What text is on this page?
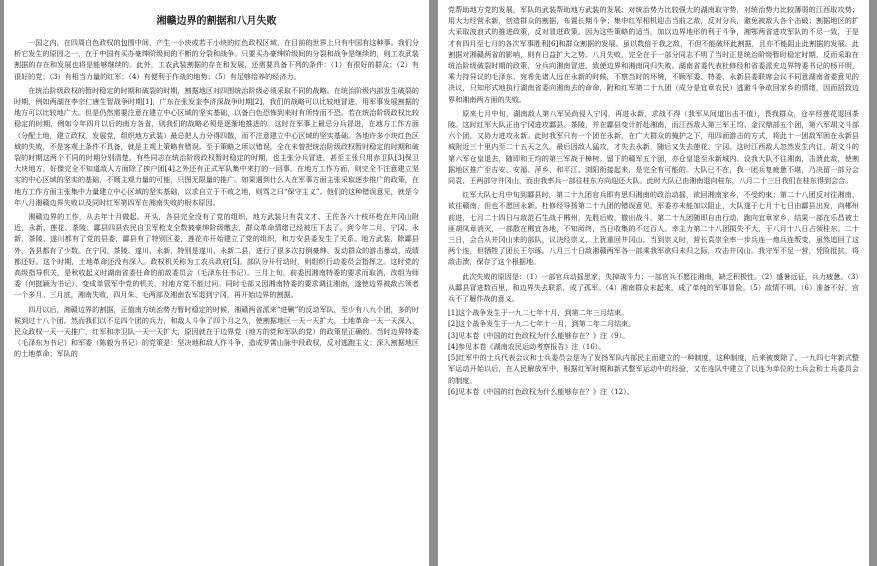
湘赣边界的割据和八月失败

一国之内，在四周白色政权的包围中间，产生一小块或若干小块的红色政权区域，在目前的世界上只有中国有这种事。我们分析它发生的原因之一，在于中国有买办豪绅阶级间的不断的分裂和战争。只要买办豪绅阶级间的分裂和战争是继续的，则工农武装割据的存在和发展也将是能够继续的。此外，工农武装割据的存在和发展，还需要具备下列的条件：（1）有很好的群众；（2）有很好的党；（3）有相当力量的红军；（4）有便利于作战的地势；（5）有足够给养的经济力。

在统治阶级政权的暂时稳定的时期和破裂的时期，割据地区对四围统治阶级必须采取不同的战略。在统治阶级内部发生破裂的时期，例如两湖在李宗仁唐生智战争时期[1]，广东在张发奎李济深战争时期[2]，我们的战略可以比较地冒进，用军事发展割据的地方可以比较地广大。但是仍然需要注意在建立中心区域的坚实基础，以备白色恐怖到来时有所恃而不恐。若在统治阶级政权比较稳定的时期，例如今年四月以后的南方各省，则我们的战略必须是逐渐地推进的。这时在军事上最忌分兵冒进，在地方工作方面（分配土地，建立政权，发展党，组织地方武装）最忌把人力分得四散，而不注意建立中心区域的坚实基础。各地许多小块红色区域的失败，不是客观上条件不具备，就是主观上策略有错误。至于策略之所以错误，全在未曾把统治阶级政权暂时稳定的时期和破裂的时期这两个不同的时期分别清楚。有些同志在统治阶级政权暂时稳定的时期，也主张分兵冒进，甚至主张只用赤卫队[3]保卫大块地方，好像完全不知道敌人方面除了挨户团[4]之外还有正式军队集中来打的一回事。在地方工作方面，则完全不注意建立坚实的中心区域的坚实的基础，不顾主观力量的可能，只图无限量的推广。如果遇到什么人在军事方面主张采取逐步推广的政策，在地方工作方面主张集中力量建立中心区域的坚实基础，以求自立于不败之地，则骂之曰“保守主义”。他们的这种错误意见，就是今年八月湘赣边界失败以及同时红军第四军在湘南失败的根本原因。

湘赣边界的工作，从去年十月做起。开头，各县完全没有了党的组织，地方武装只有袁文才、王佐各六十枝坏枪在井冈山附近，永新、莲花、茶陵、酃县四县农民自卫军枪支全数被豪绅阶级缴去，群众革命情绪已经被压下去了。到今年二月，宁冈、永新、茶陵、遂川都有了党的县委，酃县有了特别区委，莲花亦开始建立了党的组织，和万安县委发生了关系。地方武装，除酃县外，各县都有了少数。在宁冈、茶陵、遂川、永新，特别是遂川、永新二县，进行了很多次打倒豪绅、发动群众的游击暴动，成绩都还好。这个时期，土地革命还没有深入。政权机关称为工农兵政府[5]。部队分开行动时，则组织行动委员会指挥之。这时党的高级指导机关，是秋收起义时湖南省委任命的前敌委员会（毛泽东任书记）。三月上旬，前委因湘南特委的要求而取消，改组为师委（何挺颖为书记），变成单管军中党的机关，对地方党不能过问。同时毛部又因湘南特委的要求调往湘南，遂使边界被敌占领者一个多月。三月底，湘南失败，四月朱、毛两部及湘南农军退到宁冈，再开始边界的割据。

四月以后，湘赣边界的割据，正值南方统治势力暂时稳定的时候，湘赣两省派来“进剿”的反动军队，至少有八九个团，多的时候到过十八个团。然而我们以不足四个团的兵力，和敌人斗争了四个月之久，使割据地区一天一天扩大，土地革命一天一天深入，民众政权一天一天推广，红军和赤卫队一天一天扩大，原因就在于边界党（地方的党和军队的党）的政策是正确的。当时边界特委（毛泽东为书记）和军委（陈毅为书记）的党策是：坚决地和敌人作斗争，造成罗霄山脉中段政权，反对逃跑主义；深入割据地区的土地革命；军队的

党帮助地方党的发展，军队的武装帮助地方武装的发展；对统治势力比较强大的湖南取守势，对统治势力比较薄弱的江西取攻势；用大力经营永新，创造群众的割据，布置长期斗争；集中红军相机迎击当前之敌，反对分兵，避免被敌人各个击破；割据地区的扩大采取波浪式的推进政策，反对冒进政策。因为这些策略的适当，加以边界地形的利于斗争，湘鄂两省进攻军队的不尽一致，于是才有四月至七月的各次军事胜利[6]和群众割据的发展。虽以数倍于我之敌，不但不能破坏此割据，且亦不能阻止此割据的发展。此割据对湘赣两省的影响，则有日益扩大之势。八月失败，完全在于一部分同志不明了当时正是统治阶级暂时稳定时期，反而采取在统治阶级破裂时期的政策，分兵向湘南冒进，致使边界和湘南同归失败。湖南省委代表杜修经和省委派充边界特委书记的杨开明，乘力持异议的毛泽东、宛希先诸人远在永新的时候，不察当时的环境，不顾军委、特委、永新县委联席会议不同意湖南省委意见的决议，只知形式地执行湖南省委向湘南去的命命，附和红军第二十九团（成分是宜章农民）逃避斗争欲回家乡的情绪，因而招致边界和湘南两方面的失败。

原来七月中旬，湖南敌人第八军吴尚侵入宁冈，再进永新，求战不得（我军从间道出击不值），畏我群众，仓卒经莲花退回茶陵。这时红军大队正由宁冈进攻酃县、茶陵，并在酃县变计折赴湘南，而江西敌人第三军王均、金汉鼎部五个团，第六军胡文斗部六个团，又协力进攻永新。此时我军只有一个团在永新，在广大群众的掩护之下，用四面游击的方式，将此十一团敌军困在永新县城附近三十里内至二十五天之久。最后因敌人猛攻，才失去永新，随后又失去莲花、宁冈。这时江西敌人忽然发生内讧，胡文斗的第六军仓皇退去，随即和王均的第三军战于樟树。留下的赣军五个团，亦仓皇退至永新城内。设我大队不往湘南，击溃此敌，使割据地区推广至吉安、安福、萍乡，和平江、浏阳衔接起来，是完全有可能的。大队已不在，我一团兵复疲惫不堪，乃决留一部分会同袁、王两部守井冈山，而由我率兵一部往桂东方向迎还大队。此时大队已由湘南退向桂东，八月二十三日我们在桂东得到会合。

红军大队七月中旬到酃县时，第二十九团官兵即有思归湘南的政治动摇，欲回湘南家乡，不受约束；第二十八团反对往湘南，欲往赣南，但也不愿回永新。杜修经导扬第二十九团的错误意见，军委亦未能加以阻止，大队遂于七月十七日由酃县出发，向郴州前进，七月二十四日与敌范石生战于郴州，先胜后败，撤出战斗。第二十九团随即自由行动，跑向宜章家乡，结果一部在乐昌被土匪胡凤章消灭，一部散在郴宜各地，不知所终，当日收集的不过百人。幸主力第二十八团损失不大，于八月十八日占领桂东。二十三日，会合从井冈山来的部队，议决经崇义、上犹重回井冈山。当到崇义时，营长袁崇全率一步兵连一炮兵连叛变，虽然追回了这两个连，但牺牲了团长王尔琢。八月三十日敌湘赣两军各一部乘我军欲归未归之际，攻击井冈山。我守军不足一营，凭险抵抗，将敌击溃，保存了这个根据地。

此次失败的原因是：（1）一部官兵动摇思家，失掉战斗力；一部官兵不愿往湘南，缺乏积极性。（2）盛暑远征，兵力疲惫。（3）从酃县冒进数百里，和边界失去联系，成了孤军。（4）湘南群众未起来，成了单纯的军事冒险。（5）敌情不明。（6）准备不好，官兵不了解作战的意义。

[1]这个战争发生于一九二七年十月，到第二年三月结束。

[2]这个战争发生于一九二七年十一月，到第二年二月结束。

[3]见本卷《中国的红色政权为什么能够存在？》注（9）。

[4]参见本卷《湖南农民运动考察报告》注（16）。

[5]红军中的士兵代表会议和士兵委员会是为了发扬军队内部民主而建立的一种制度，这种制度，后来被废除了。一九四七年新式整军运动开始以后，在人民解放军中，根据红军时期和新式整军运动中的经验，又在连队中建立了以连为单位的士兵会和士兵委员会的制度。

[6]见本卷《中国的红色政权为什么能够存在？》注（12）。
